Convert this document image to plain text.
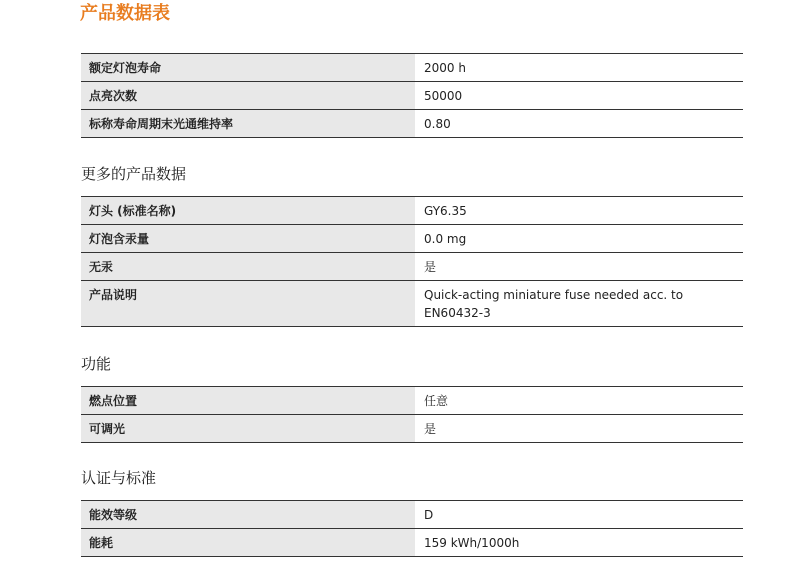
产品数据表
额定灯泡寿命	2000 h
点亮次数	50000
标称寿命周期末光通维持率	0.80
更多的产品数据
灯头 (标准名称)	GY6.35
灯泡含汞量	0.0 mg
无汞	是
产品说明	Quick-acting miniature fuse needed acc. to EN60432-3
功能
燃点位置	任意
可调光	是
认证与标准
能效等级	D
能耗	159 kWh/1000h
